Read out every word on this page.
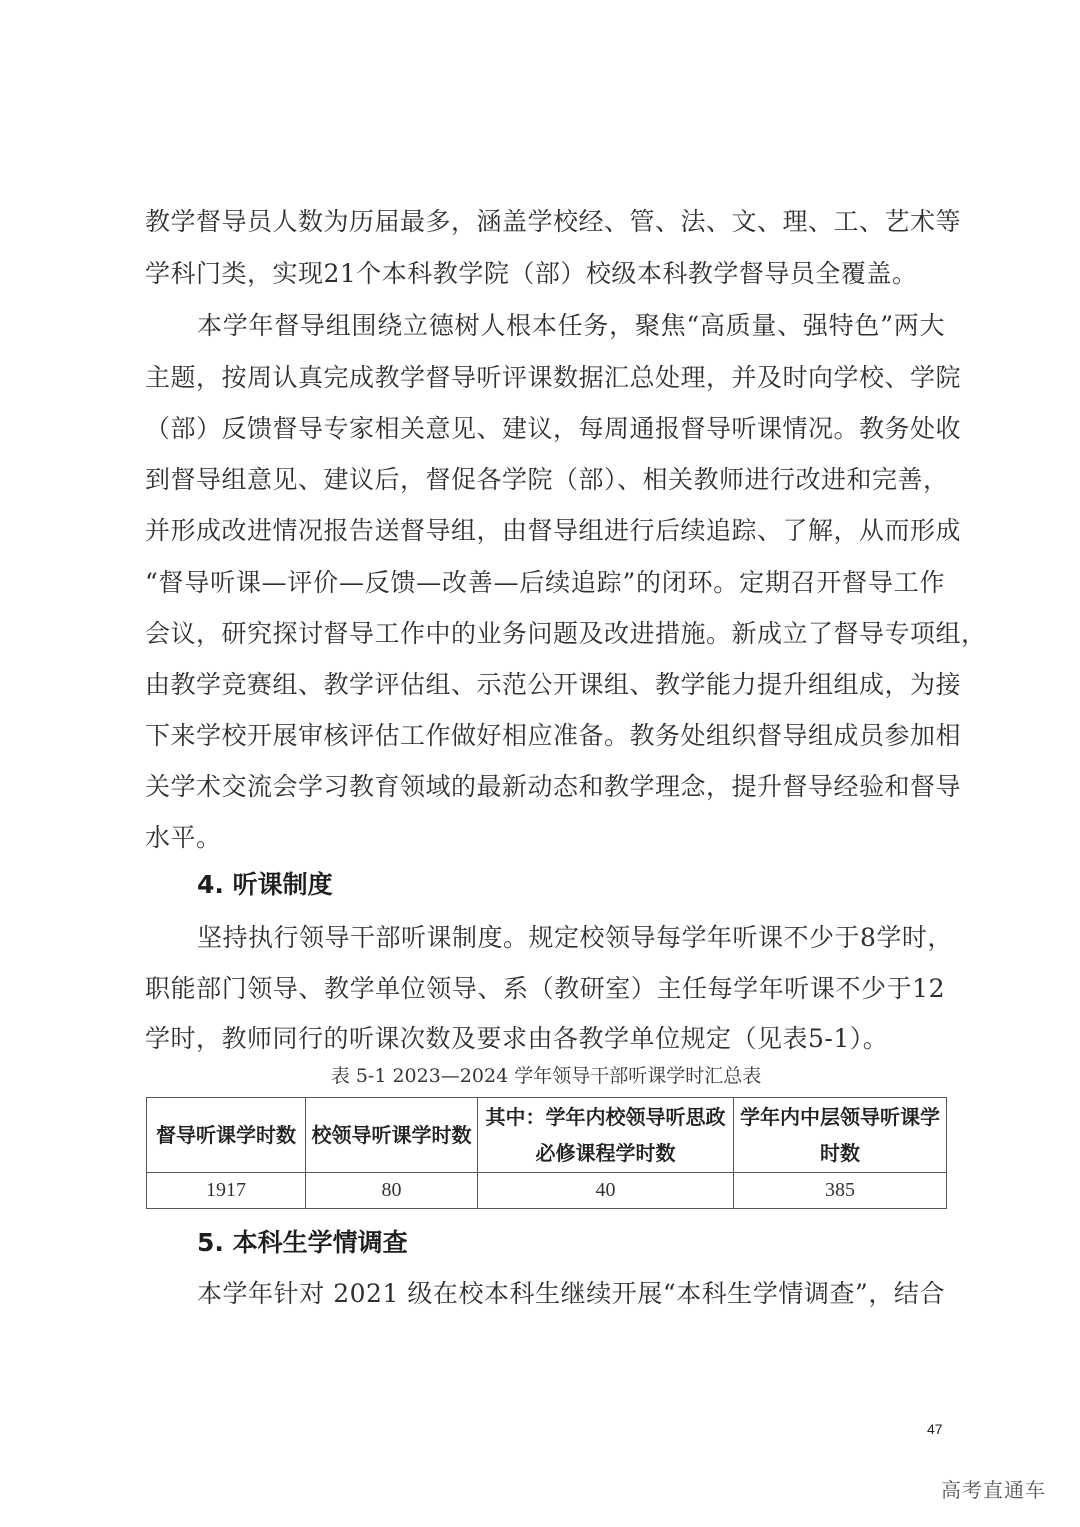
教学督导员人数为历届最多，涵盖学校经、管、法、文、理、工、艺术等
学科门类，实现21个本科教学院（部）校级本科教学督导员全覆盖。
本学年督导组围绕立德树人根本任务，聚焦“高质量、强特色”两大
主题，按周认真完成教学督导听评课数据汇总处理，并及时向学校、学院
（部）反馈督导专家相关意见、建议，每周通报督导听课情况。教务处收
到督导组意见、建议后，督促各学院（部）、相关教师进行改进和完善，
并形成改进情况报告送督导组，由督导组进行后续追踪、了解，从而形成
“督导听课—评价—反馈—改善—后续追踪”的闭环。定期召开督导工作
会议，研究探讨督导工作中的业务问题及改进措施。新成立了督导专项组，
由教学竞赛组、教学评估组、示范公开课组、教学能力提升组组成，为接
下来学校开展审核评估工作做好相应准备。教务处组织督导组成员参加相
关学术交流会学习教育领域的最新动态和教学理念，提升督导经验和督导
水平。
4. 听课制度
坚持执行领导干部听课制度。规定校领导每学年听课不少于8学时，
职能部门领导、教学单位领导、系（教研室）主任每学年听课不少于12
学时，教师同行的听课次数及要求由各教学单位规定（见表5-1）。
表 5-1 2023—2024 学年领导干部听课学时汇总表
督导听课学时数	校领导听课学时数	其中：学年内校领导听思政必修课程学时数	学年内中层领导听课学时数
1917	80	40	385
5. 本科生学情调查
本学年针对 2021 级在校本科生继续开展“本科生学情调查”，结合
47
高考直通车
